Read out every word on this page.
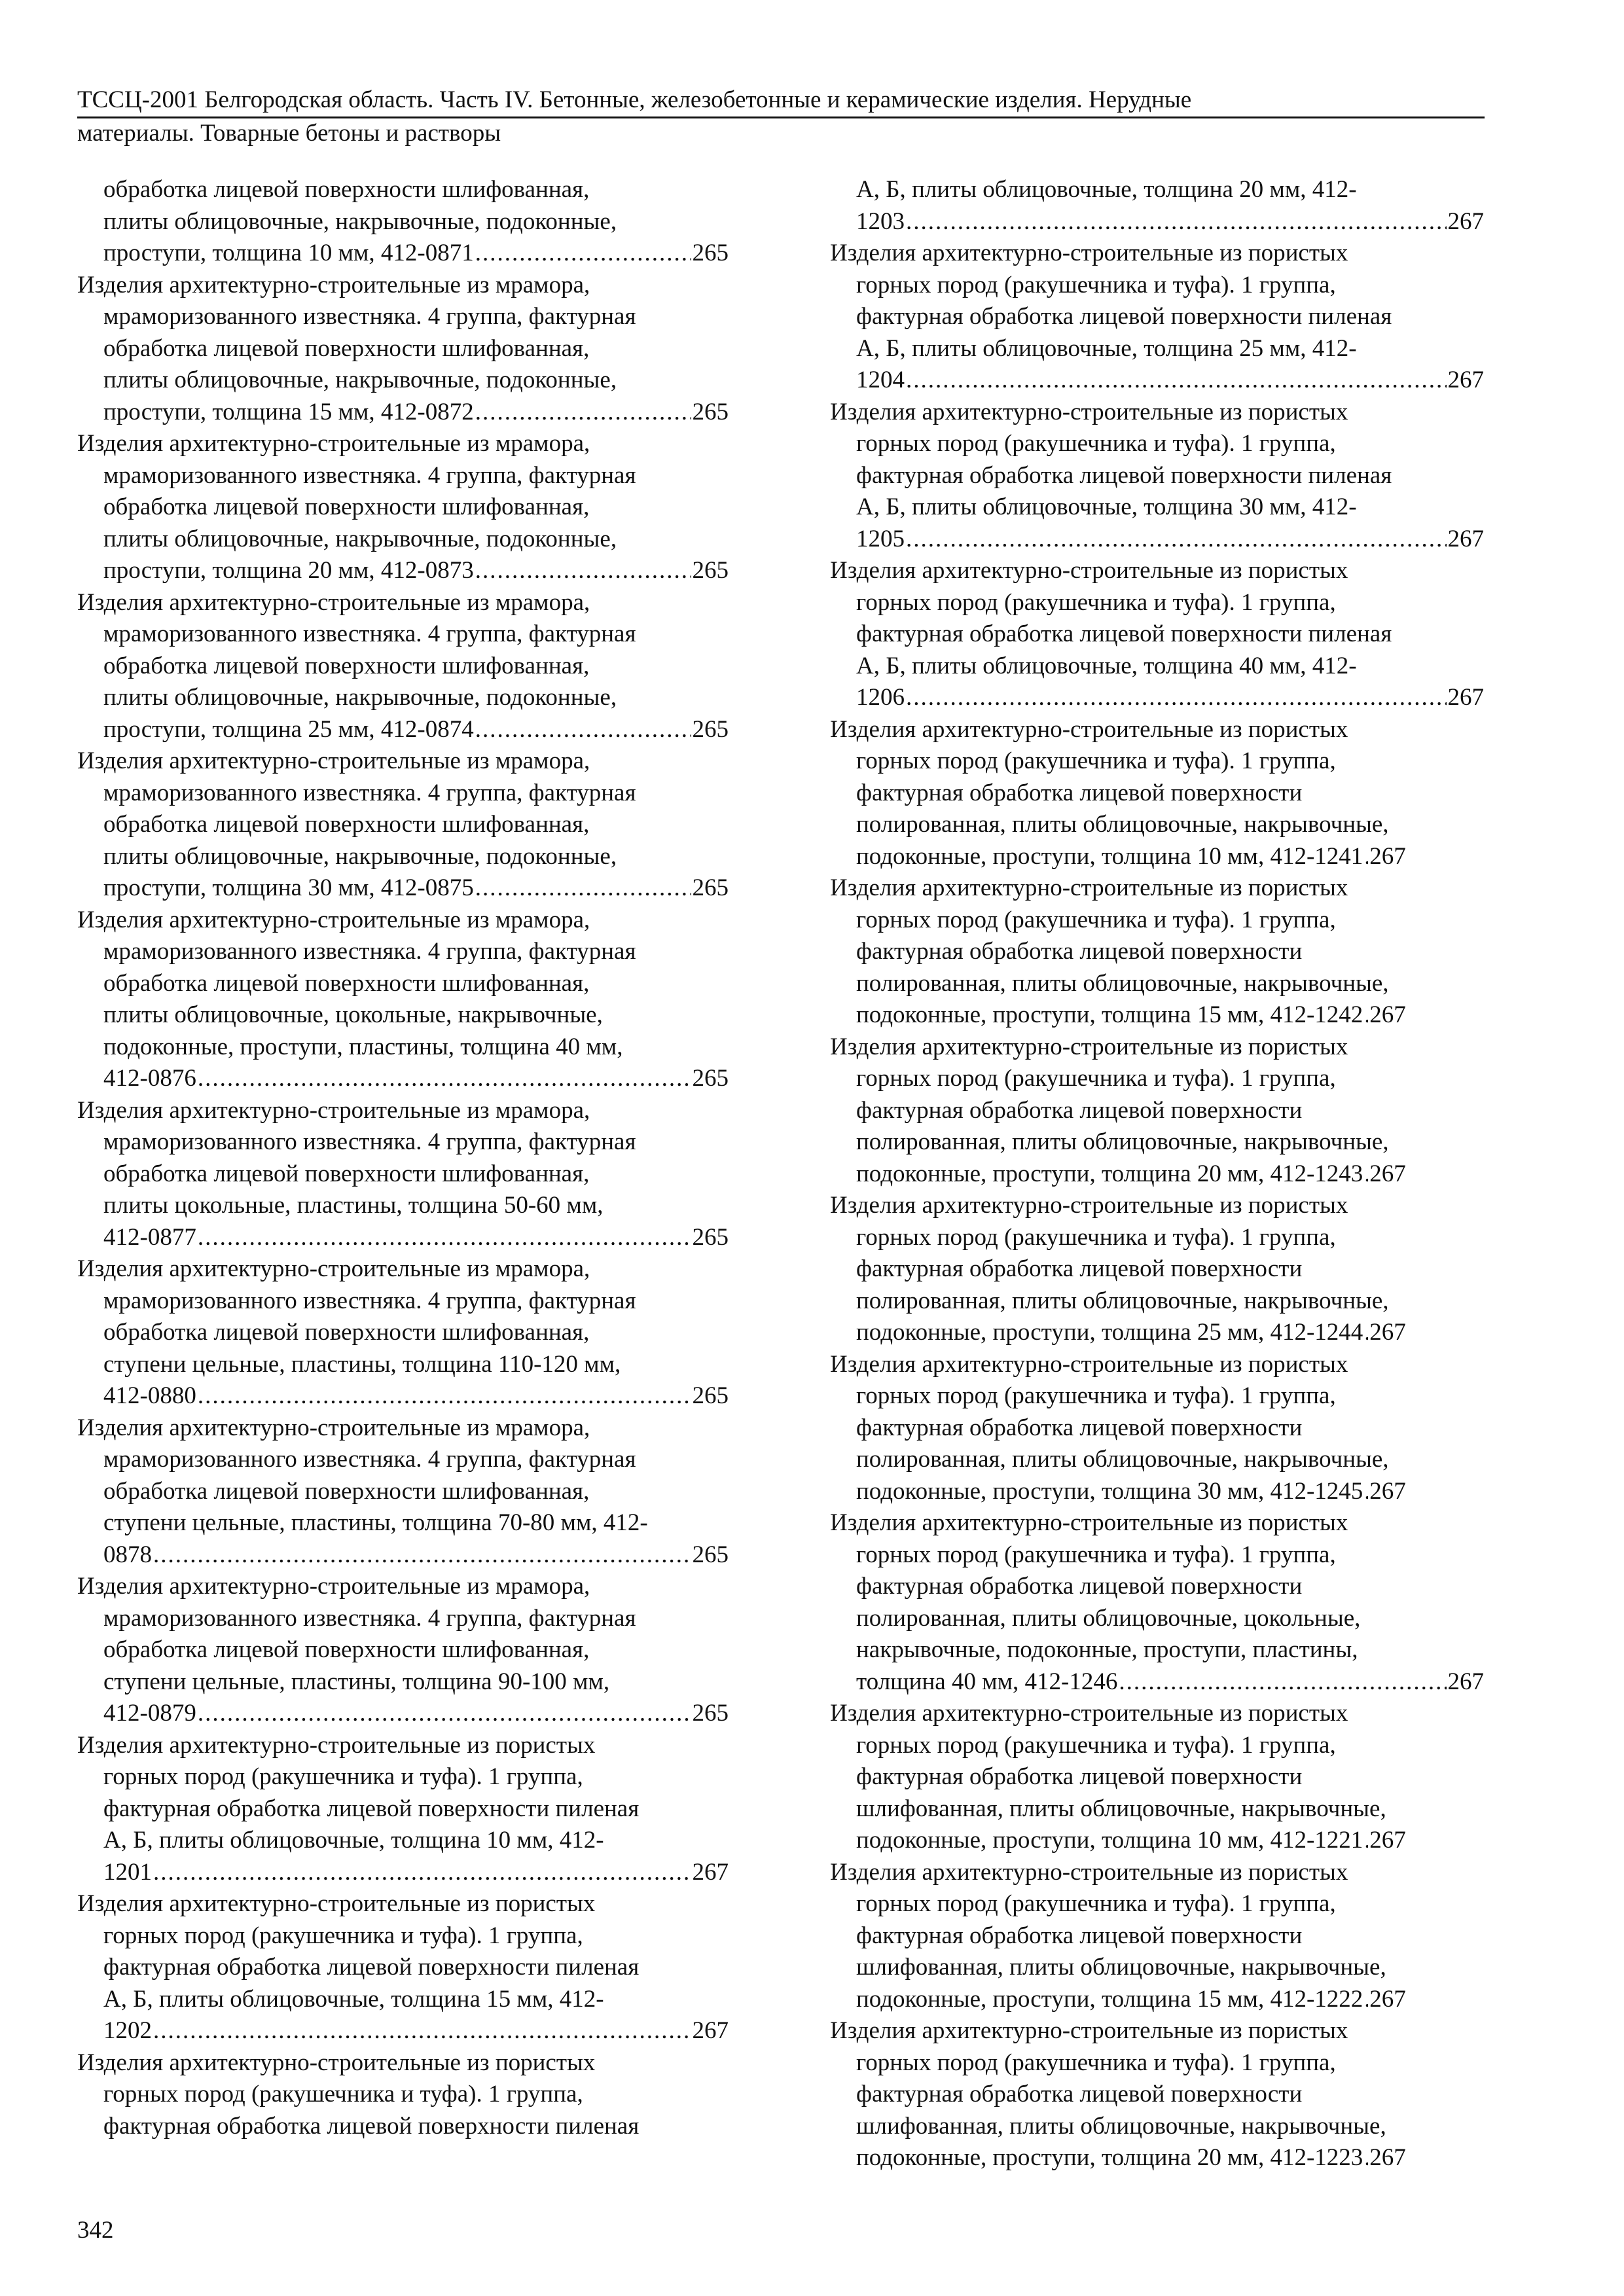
ТССЦ-2001 Белгородская область. Часть IV. Бетонные, железобетонные и керамические изделия. Нерудные
материалы. Товарные бетоны и растворы
обработка лицевой поверхности шлифованная,
плиты облицовочные, накрывочные, подоконные,
проступи, толщина 10 мм, 412-0871 .....	265
Изделия архитектурно-строительные из мрамора,
мраморизованного известняка. 4 группа, фактурная
обработка лицевой поверхности шлифованная,
плиты облицовочные, накрывочные, подоконные,
проступи, толщина 15 мм, 412-0872 .....	265
Изделия архитектурно-строительные из мрамора,
мраморизованного известняка. 4 группа, фактурная
обработка лицевой поверхности шлифованная,
плиты облицовочные, накрывочные, подоконные,
проступи, толщина 20 мм, 412-0873 .....	265
Изделия архитектурно-строительные из мрамора,
мраморизованного известняка. 4 группа, фактурная
обработка лицевой поверхности шлифованная,
плиты облицовочные, накрывочные, подоконные,
проступи, толщина 25 мм, 412-0874 .....	265
Изделия архитектурно-строительные из мрамора,
мраморизованного известняка. 4 группа, фактурная
обработка лицевой поверхности шлифованная,
плиты облицовочные, накрывочные, подоконные,
проступи, толщина 30 мм, 412-0875 .....	265
Изделия архитектурно-строительные из мрамора,
мраморизованного известняка. 4 группа, фактурная
обработка лицевой поверхности шлифованная,
плиты облицовочные, цокольные, накрывочные,
подоконные, проступи, пластины, толщина 40 мм,
412-0876 .....	265
Изделия архитектурно-строительные из мрамора,
мраморизованного известняка. 4 группа, фактурная
обработка лицевой поверхности шлифованная,
плиты цокольные, пластины, толщина 50-60 мм,
412-0877 .....	265
Изделия архитектурно-строительные из мрамора,
мраморизованного известняка. 4 группа, фактурная
обработка лицевой поверхности шлифованная,
ступени цельные, пластины, толщина 110-120 мм,
412-0880 .....	265
Изделия архитектурно-строительные из мрамора,
мраморизованного известняка. 4 группа, фактурная
обработка лицевой поверхности шлифованная,
ступени цельные, пластины, толщина 70-80 мм, 412-
0878 .....	265
Изделия архитектурно-строительные из мрамора,
мраморизованного известняка. 4 группа, фактурная
обработка лицевой поверхности шлифованная,
ступени цельные, пластины, толщина 90-100 мм,
412-0879 .....	265
Изделия архитектурно-строительные из пористых
горных пород (ракушечника и туфа). 1 группа,
фактурная обработка лицевой поверхности пиленая
А, Б, плиты облицовочные, толщина 10 мм, 412-
1201 .....	267
Изделия архитектурно-строительные из пористых
горных пород (ракушечника и туфа). 1 группа,
фактурная обработка лицевой поверхности пиленая
А, Б, плиты облицовочные, толщина 15 мм, 412-
1202 .....	267
Изделия архитектурно-строительные из пористых
горных пород (ракушечника и туфа). 1 группа,
фактурная обработка лицевой поверхности пиленая
А, Б, плиты облицовочные, толщина 20 мм, 412-
1203 .....	267
Изделия архитектурно-строительные из пористых
горных пород (ракушечника и туфа). 1 группа,
фактурная обработка лицевой поверхности пиленая
А, Б, плиты облицовочные, толщина 25 мм, 412-
1204 .....	267
Изделия архитектурно-строительные из пористых
горных пород (ракушечника и туфа). 1 группа,
фактурная обработка лицевой поверхности пиленая
А, Б, плиты облицовочные, толщина 30 мм, 412-
1205 .....	267
Изделия архитектурно-строительные из пористых
горных пород (ракушечника и туфа). 1 группа,
фактурная обработка лицевой поверхности пиленая
А, Б, плиты облицовочные, толщина 40 мм, 412-
1206 .....	267
Изделия архитектурно-строительные из пористых
горных пород (ракушечника и туфа). 1 группа,
фактурная обработка лицевой поверхности
полированная, плиты облицовочные, накрывочные,
подоконные, проступи, толщина 10 мм, 412-1241 ..... 267
Изделия архитектурно-строительные из пористых
горных пород (ракушечника и туфа). 1 группа,
фактурная обработка лицевой поверхности
полированная, плиты облицовочные, накрывочные,
подоконные, проступи, толщина 15 мм, 412-1242 ..... 267
Изделия архитектурно-строительные из пористых
горных пород (ракушечника и туфа). 1 группа,
фактурная обработка лицевой поверхности
полированная, плиты облицовочные, накрывочные,
подоконные, проступи, толщина 20 мм, 412-1243 ..... 267
Изделия архитектурно-строительные из пористых
горных пород (ракушечника и туфа). 1 группа,
фактурная обработка лицевой поверхности
полированная, плиты облицовочные, накрывочные,
подоконные, проступи, толщина 25 мм, 412-1244 ..... 267
Изделия архитектурно-строительные из пористых
горных пород (ракушечника и туфа). 1 группа,
фактурная обработка лицевой поверхности
полированная, плиты облицовочные, накрывочные,
подоконные, проступи, толщина 30 мм, 412-1245 ..... 267
Изделия архитектурно-строительные из пористых
горных пород (ракушечника и туфа). 1 группа,
фактурная обработка лицевой поверхности
полированная, плиты облицовочные, цокольные,
накрывочные, подоконные, проступи, пластины,
толщина 40 мм, 412-1246 .....	267
Изделия архитектурно-строительные из пористых
горных пород (ракушечника и туфа). 1 группа,
фактурная обработка лицевой поверхности
шлифованная, плиты облицовочные, накрывочные,
подоконные, проступи, толщина 10 мм, 412-1221 ..... 267
Изделия архитектурно-строительные из пористых
горных пород (ракушечника и туфа). 1 группа,
фактурная обработка лицевой поверхности
шлифованная, плиты облицовочные, накрывочные,
подоконные, проступи, толщина 15 мм, 412-1222 ..... 267
Изделия архитектурно-строительные из пористых
горных пород (ракушечника и туфа). 1 группа,
фактурная обработка лицевой поверхности
шлифованная, плиты облицовочные, накрывочные,
подоконные, проступи, толщина 20 мм, 412-1223 ..... 267
342
